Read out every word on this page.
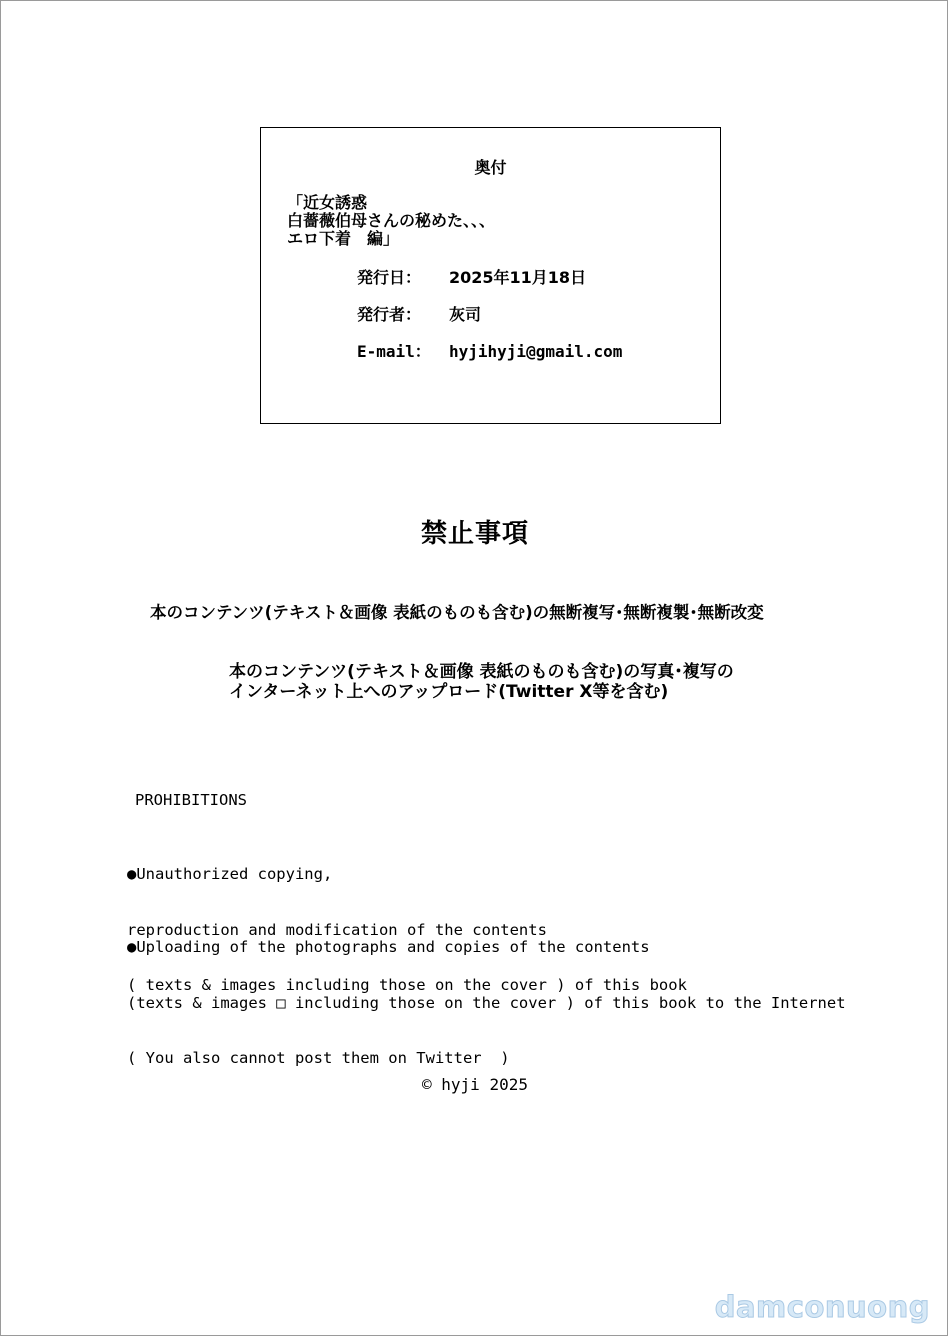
奥付
「近女誘惑
白薔薇伯母さんの秘めた、、、
エロ下着　編」
発行日： 2025年11月18日
発行者： 灰司
E-mail： hyjihyji@gmail.com
禁止事項
本のコンテンツ(テキスト＆画像 表紙のものも含む)の無断複写･無断複製･無断改変
本のコンテンツ(テキスト＆画像 表紙のものも含む)の写真･複写の
インターネット上へのアップロード(Twitter X等を含む)
PROHIBITIONS

●Unauthorized copying,

reproduction and modification of the contents

( texts & images including those on the cover ) of this book

●Uploading of the photographs and copies of the contents

(texts & images □ including those on the cover ) of this book to the Internet

( You also cannot post them on Twitter  )

© hyji 2025
damconuong
